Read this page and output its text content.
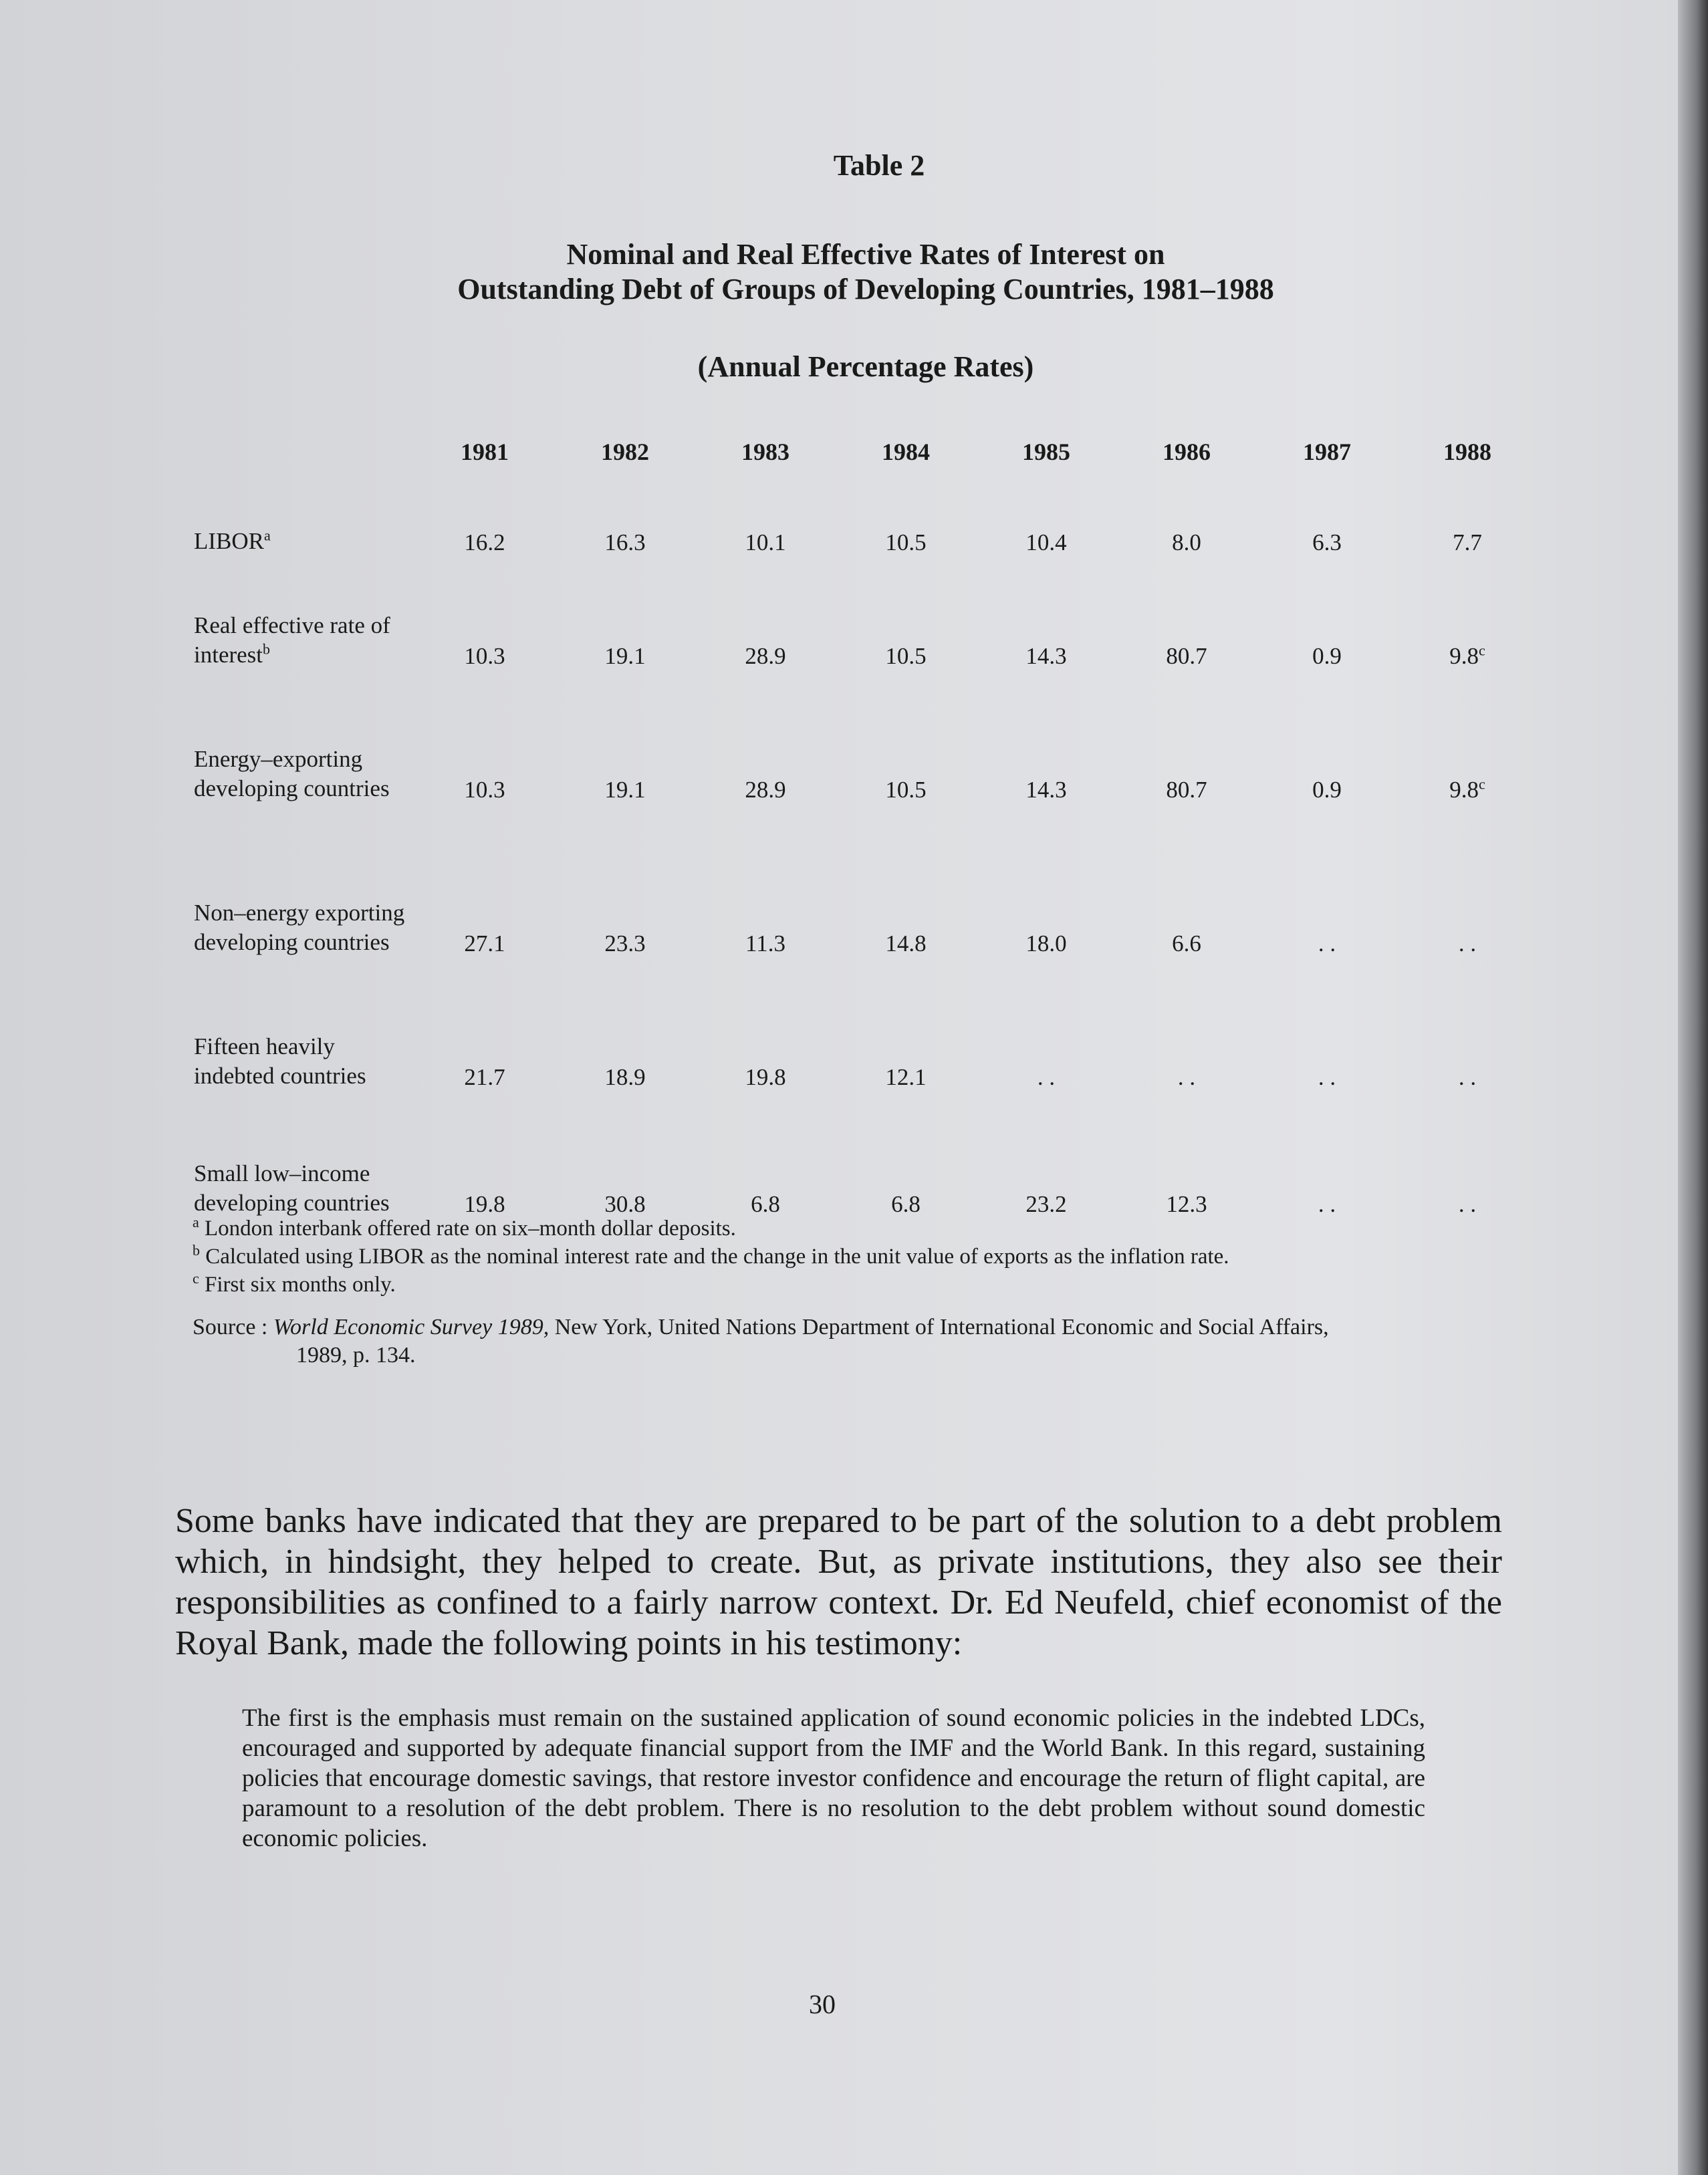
Table 2
Nominal and Real Effective Rates of Interest on
Outstanding Debt of Groups of Developing Countries, 1981–1988
(Annual Percentage Rates)
	1981	1982	1983	1984	1985	1986	1987	1988
LIBOR$^a$	16.2	16.3	10.1	10.5	10.4	8.0	6.3	7.7
Real effective rate of interest$^b$	10.3	19.1	28.9	10.5	14.3	80.7	0.9	9.8$^c$
Energy–exporting developing countries	10.3	19.1	28.9	10.5	14.3	80.7	0.9	9.8$^c$
Non–energy exporting developing countries	27.1	23.3	11.3	14.8	18.0	6.6	. .	. .
Fifteen heavily indebted countries	21.7	18.9	19.8	12.1	. .	. .	. .	. .
Small low–income developing countries	19.8	30.8	6.8	6.8	23.2	12.3	. .	. .
$^a$ London interbank offered rate on six–month dollar deposits.
$^b$ Calculated using LIBOR as the nominal interest rate and the change in the unit value of exports as the inflation rate.
$^c$ First six months only.
Source : World Economic Survey 1989, New York, United Nations Department of International Economic and Social Affairs,
1989, p. 134.
Some banks have indicated that they are prepared to be part of the solution to a debt problem which, in hindsight, they helped to create. But, as private institutions, they also see their responsibilities as confined to a fairly narrow context. Dr. Ed Neufeld, chief economist of the Royal Bank, made the following points in his testimony:
The first is the emphasis must remain on the sustained application of sound economic policies in the indebted LDCs, encouraged and supported by adequate financial support from the IMF and the World Bank. In this regard, sustaining policies that encourage domestic savings, that restore investor confidence and encourage the return of flight capital, are paramount to a resolution of the debt problem. There is no resolution to the debt problem without sound domestic economic policies.
30
